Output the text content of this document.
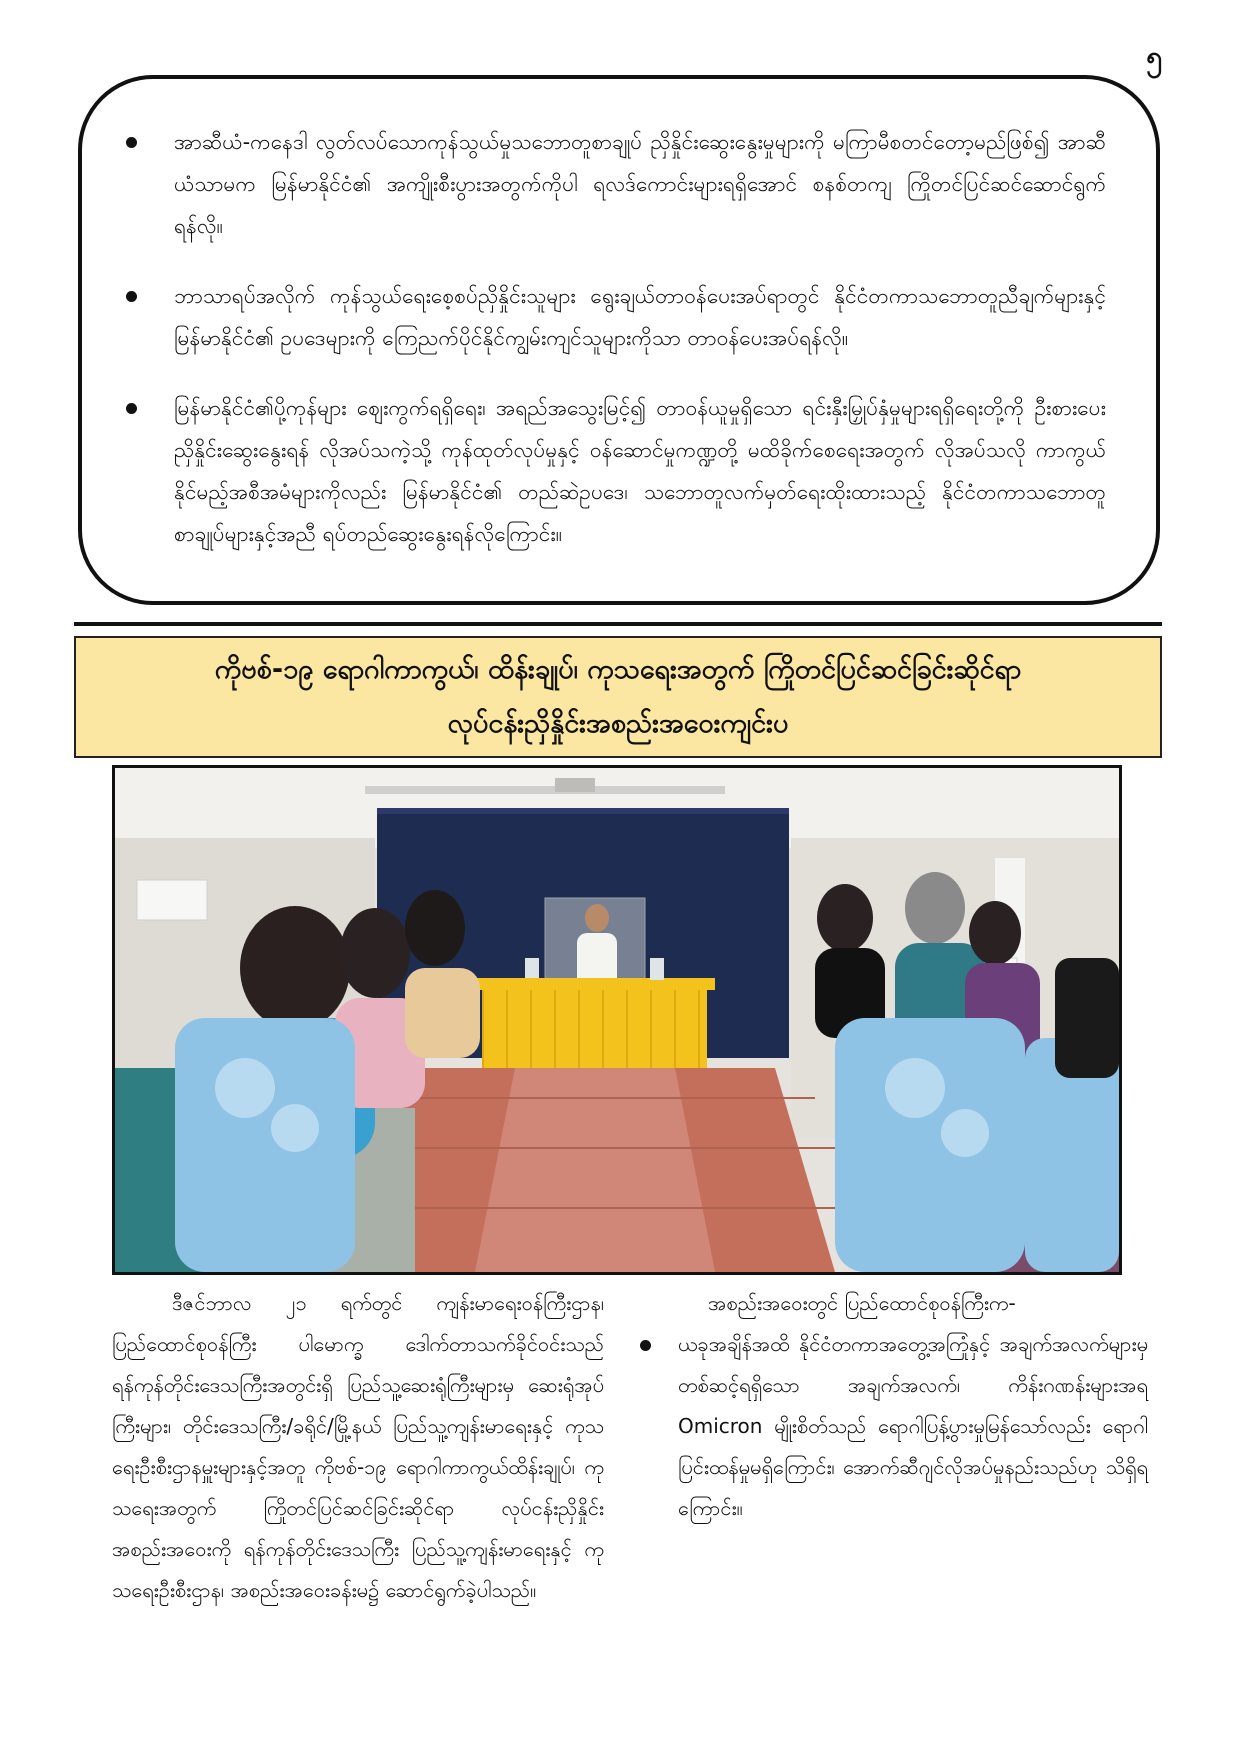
၅
အာဆီယံ-ကနေဒါ လွတ်လပ်သောကုန်သွယ်မှုသဘောတူစာချုပ် ညှိနှိုင်းဆွေးနွေးမှုများကို မကြာမီစတင်တော့မည်ဖြစ်၍ အာဆီယံသာမက မြန်မာနိုင်ငံ၏ အကျိုးစီးပွားအတွက်ကိုပါ ရလဒ်ကောင်းများရရှိအောင် စနစ်တကျ ကြိုတင်ပြင်ဆင်ဆောင်ရွက်ရန်လို။
ဘာသာရပ်အလိုက် ကုန်သွယ်ရေးစေ့စပ်ညှိနှိုင်းသူများ ရွေးချယ်တာဝန်ပေးအပ်ရာတွင် နိုင်ငံတကာသဘောတူညီချက်များနှင့် မြန်မာနိုင်ငံ၏ ဥပဒေများကို ကြေညက်ပိုင်နိုင်ကျွမ်းကျင်သူများကိုသာ တာဝန်ပေးအပ်ရန်လို။
မြန်မာနိုင်ငံ၏ပို့ကုန်များ ဈေးကွက်ရရှိရေး၊ အရည်အသွေးမြင့်၍ တာဝန်ယူမှုရှိသော ရင်းနှီးမြှုပ်နှံမှုများရရှိရေးတို့ကို ဦးစားပေးညှိနှိုင်းဆွေးနွေးရန် လိုအပ်သကဲ့သို့ ကုန်ထုတ်လုပ်မှုနှင့် ဝန်ဆောင်မှုကဏ္ဍတို့ မထိခိုက်စေရေးအတွက် လိုအပ်သလို ကာကွယ်နိုင်မည့်အစီအမံများကိုလည်း မြန်မာနိုင်ငံ၏ တည်ဆဲဥပဒေ၊ သဘောတူလက်မှတ်ရေးထိုးထားသည့် နိုင်ငံတကာသဘောတူစာချုပ်များနှင့်အညီ ရပ်တည်ဆွေးနွေးရန်လိုကြောင်း။
ကိုဗစ်-၁၉ ရောဂါကာကွယ်၊ ထိန်းချုပ်၊ ကုသရေးအတွက် ကြိုတင်ပြင်ဆင်ခြင်းဆိုင်ရာ
လုပ်ငန်းညှိနှိုင်းအစည်းအဝေးကျင်းပ

ဒီဇင်ဘာလ ၂၁ ရက်တွင် ကျန်းမာရေးဝန်ကြီးဌာန၊ ပြည်ထောင်စုဝန်ကြီး ပါမောက္ခ ဒေါက်တာသက်ခိုင်ဝင်းသည် ရန်ကုန်တိုင်းဒေသကြီးအတွင်းရှိ ပြည်သူ့ဆေးရုံကြီးများမှ ဆေးရုံအုပ်ကြီးများ၊ တိုင်းဒေသကြီး/ခရိုင်/မြို့နယ် ပြည်သူ့ကျန်းမာရေးနှင့် ကုသရေးဦးစီးဌာနမှူးများနှင့်အတူ ကိုဗစ်-၁၉ ရောဂါကာကွယ်ထိန်းချုပ်၊ ကုသရေးအတွက် ကြိုတင်ပြင်ဆင်ခြင်းဆိုင်ရာ လုပ်ငန်းညှိနှိုင်းအစည်းအဝေးကို ရန်ကုန်တိုင်းဒေသကြီး ပြည်သူ့ကျန်းမာရေးနှင့် ကုသရေးဦးစီးဌာန၊ အစည်းအဝေးခန်းမ၌ ဆောင်ရွက်ခဲ့ပါသည်။

အစည်းအဝေးတွင် ပြည်ထောင်စုဝန်ကြီးက-

ယခုအချိန်အထိ နိုင်ငံတကာအတွေ့အကြုံနှင့် အချက်အလက်များမှတစ်ဆင့်ရရှိသော အချက်အလက်၊ ကိန်းဂဏန်းများအရ Omicron မျိုးစိတ်သည် ရောဂါပြန့်ပွားမှုမြန်သော်လည်း ရောဂါပြင်းထန်မှုမရှိကြောင်း၊ အောက်ဆီဂျင်လိုအပ်မှုနည်းသည်ဟု သိရှိရကြောင်း။
